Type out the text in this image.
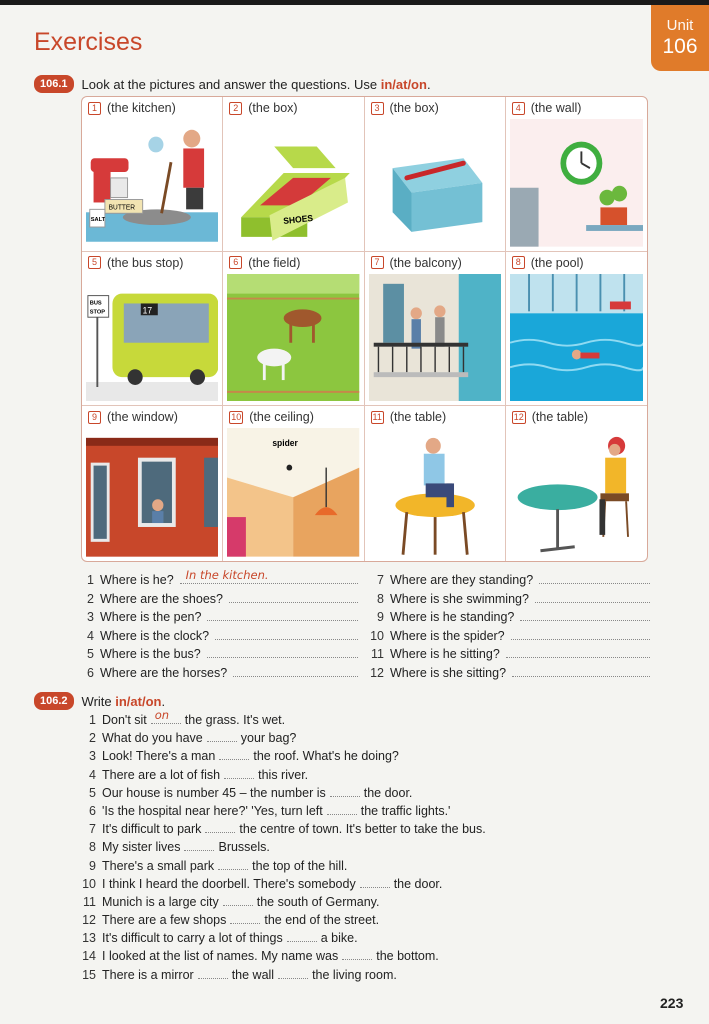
Exercises
Unit
106
106.1	Look at the pictures and answer the questions. Use in/at/on.
1 (the kitchen)
BUTTER
SALT
2 (the box)
SHOES
3 (the box)	4 (the wall)
5 (the bus stop)
17
BUS
STOP
6 (the field)	7 (the balcony)	8 (the pool)
9 (the window)	10 (the ceiling)
spider
11 (the table)	12 (the table)
1 Where is he? In the kitchen.
2 Where are the shoes?
3 Where is the pen?
4 Where is the clock?
5 Where is the bus?
6 Where are the horses?
7 Where are they standing?
8 Where is she swimming?
9 Where is he standing?
10 Where is the spider?
11 Where is he sitting?
12 Where is she sitting?
106.2	Write in/at/on.
1 Don't sit on the grass. It's wet.
2 What do you have	your bag?
3 Look! There's a man	the roof. What's he doing?
4 There are a lot of fish	this river.
5 Our house is number 45 – the number is	the door.
6 'Is the hospital near here?' 'Yes, turn left	the traffic lights.'
7 It's difficult to park	the centre of town. It's better to take the bus.
8 My sister lives	Brussels.
9 There's a small park	the top of the hill.
10 I think I heard the doorbell. There's somebody	the door.
11 Munich is a large city	the south of Germany.
12 There are a few shops	the end of the street.
13 It's difficult to carry a lot of things	a bike.
14 I looked at the list of names. My name was	the bottom.
15 There is a mirror	the wall	the living room.
223
